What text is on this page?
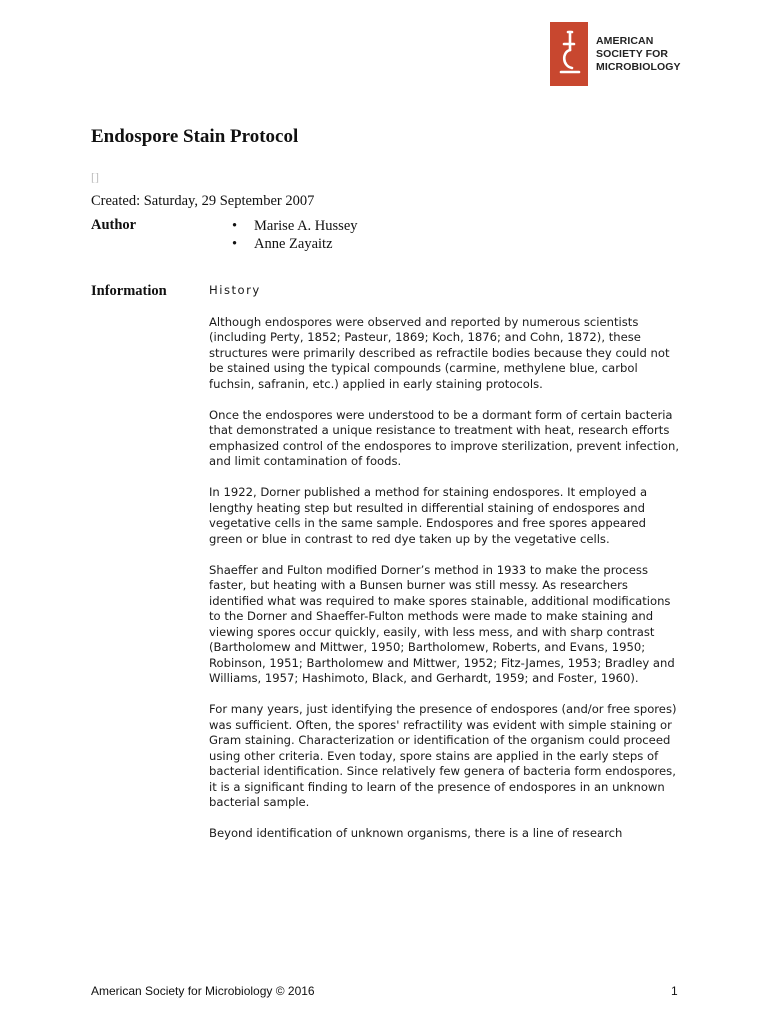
AMERICAN
SOCIETY FOR
MICROBIOLOGY
Endospore Stain Protocol
[]
Created: Saturday, 29 September 2007
Author
•	Marise A. Hussey
• Anne Zayaitz
Information	History

Although endospores were observed and reported by numerous scientists (including Perty, 1852; Pasteur, 1869; Koch, 1876; and Cohn, 1872), these structures were primarily described as refractile bodies because they could not be stained using the typical compounds (carmine, methylene blue, carbol fuchsin, safranin, etc.) applied in early staining protocols.

Once the endospores were understood to be a dormant form of certain bacteria that demonstrated a unique resistance to treatment with heat, research efforts emphasized control of the endospores to improve sterilization, prevent infection, and limit contamination of foods.

In 1922, Dorner published a method for staining endospores. It employed a lengthy heating step but resulted in differential staining of endospores and vegetative cells in the same sample. Endospores and free spores appeared green or blue in contrast to red dye taken up by the vegetative cells.

Shaeffer and Fulton modified Dorner’s method in 1933 to make the process faster, but heating with a Bunsen burner was still messy. As researchers identified what was required to make spores stainable, additional modifications to the Dorner and Shaeffer-Fulton methods were made to make staining and viewing spores occur quickly, easily, with less mess, and with sharp contrast (Bartholomew and Mittwer, 1950; Bartholomew, Roberts, and Evans, 1950; Robinson, 1951; Bartholomew and Mittwer, 1952; Fitz-James, 1953; Bradley and Williams, 1957; Hashimoto, Black, and Gerhardt, 1959; and Foster, 1960).

For many years, just identifying the presence of endospores (and/or free spores) was sufficient. Often, the spores' refractility was evident with simple staining or Gram staining. Characterization or identification of the organism could proceed using other criteria. Even today, spore stains are applied in the early steps of bacterial identification. Since relatively few genera of bacteria form endospores, it is a significant finding to learn of the presence of endospores in an unknown bacterial sample.

Beyond identification of unknown organisms, there is a line of research

American Society for Microbiology © 2016	1
